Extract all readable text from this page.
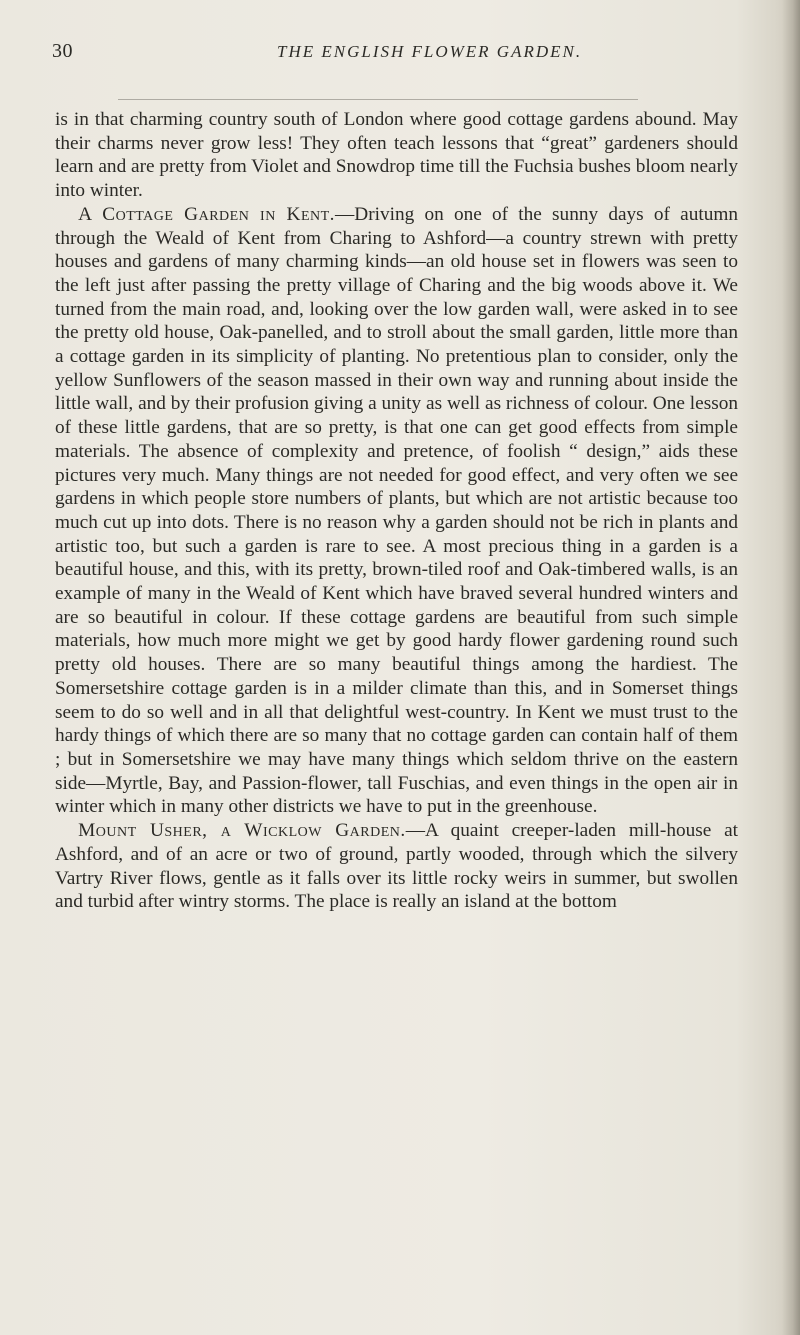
30	THE ENGLISH FLOWER GARDEN.

is in that charming country south of London where good cottage gardens abound. May their charms never grow less! They often teach lessons that “great” gardeners should learn and are pretty from Violet and Snowdrop time till the Fuchsia bushes bloom nearly into winter.

A Cottage Garden in Kent.—Driving on one of the sunny days of autumn through the Weald of Kent from Charing to Ashford—a country strewn with pretty houses and gardens of many charming kinds—an old house set in flowers was seen to the left just after passing the pretty village of Charing and the big woods above it. We turned from the main road, and, looking over the low garden wall, were asked in to see the pretty old house, Oak-panelled, and to stroll about the small garden, little more than a cottage garden in its simplicity of planting. No pretentious plan to consider, only the yellow Sunflowers of the season massed in their own way and running about inside the little wall, and by their profusion giving a unity as well as richness of colour. One lesson of these little gardens, that are so pretty, is that one can get good effects from simple materials. The absence of complexity and pretence, of foolish “ design,” aids these pictures very much. Many things are not needed for good effect, and very often we see gardens in which people store numbers of plants, but which are not artistic because too much cut up into dots. There is no reason why a garden should not be rich in plants and artistic too, but such a garden is rare to see. A most precious thing in a garden is a beautiful house, and this, with its pretty, brown-tiled roof and Oak-timbered walls, is an example of many in the Weald of Kent which have braved several hundred winters and are so beautiful in colour. If these cottage gardens are beautiful from such simple materials, how much more might we get by good hardy flower gardening round such pretty old houses. There are so many beautiful things among the hardiest. The Somersetshire cottage garden is in a milder climate than this, and in Somerset things seem to do so well and in all that delightful west-country. In Kent we must trust to the hardy things of which there are so many that no cottage garden can contain half of them ; but in Somersetshire we may have many things which seldom thrive on the eastern side—Myrtle, Bay, and Passion-flower, tall Fuschias, and even things in the open air in winter which in many other districts we have to put in the greenhouse.

Mount Usher, a Wicklow Garden.—A quaint creeper-laden mill-house at Ashford, and of an acre or two of ground, partly wooded, through which the silvery Vartry River flows, gentle as it falls over its little rocky weirs in summer, but swollen and turbid after wintry storms. The place is really an island at the bottom
